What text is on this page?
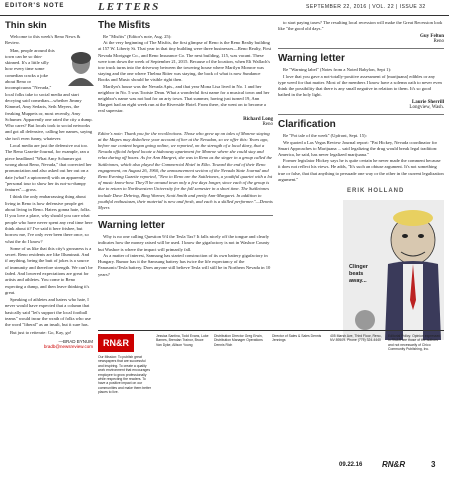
EDITOR'S NOTE	LETTERS	SEPTEMBER 22, 2016 | VOL. 22 | ISSUE 32
Thin skin

Welcome to this week's Reno News & Review.

Man, people around this town can be so thin-skinned. It's a little silly how every time some comedian cracks a joke about Reno or inconspicuous "Nevada," local folks take to social media and start decrying said comedian—whether Jimmy Kimmel, Amy Sedaris, Seth Meyers, the freaking Muppets or, most recently, Amy Schumer. Apparently one rated the city a dump. Who cares? But locals took to social networks and got all defensive, calling her names, saying she isn't even funny, whatever.

Local media are just the defensive out too. The Reno Gazette-Journal, for example, ran a piece headlined "What Amy Schumer got wrong about Reno, Nevada," that corrected her pronunciation and also asked out her out on a date (what? a uptowned) with an apparently "personal tour to show her its not-so-dumpy features"—gross.

I think the only embarrassing thing about living in Reno is how defensive people get about living in Reno. Haters gonna hate, folks. If you love a place, why should you care what people who have never spent any real time here think about it? I've said it here frisbee, but borrow me, I've only ever been there once, so what the do I know?

Some of us like that this city's grossness is a secret. Reno residents are like Illuminati. And if anything, being the butt of jokes is a source of immunity and therefore strength. We can't be faded. And lowered expectations are great for artists and athletes. You come to Reno expecting a dump, and then leave thinking it's great.

Speaking of athletes and haters who hate, I never would have expected that a column that basically said "let's support the local football teams" would incur the wrath of folks who use the word "liberal" as an insult, but it sure has.

But just to reiterate: Go, Kay, go!

—BRAD BYNUM
bradb@newsreview.com
The Misfits

Re "Misfits" (Editor's note, Aug. 25):

At the very beginning of The Misfits, the first glimpse of Reno is the Reno Realty building at 157 W. Liberty St. That year in that tiny building were three businesses—Reno Realty, First Nevada Mortgage Co., and Reno Insurance Co. The next building, 115, was vacant. These were torn down the week of September 21, 2015. Because of the location, when Eli Wallach's tow truck turns into the driveway between the towering house where Marilyn Monroe was staying and the one where Thelma Ritter was staying, the back of what is now Sundance Books and Music should be visible right then.

Marilyn's house was the Nevada Apts., and that year Mona Lisa lived in No. 1 and her neighbor in No. 5 was Tootsie Dean. What a wonderful first name for a musical town and her neighbor's name was not bad for an arty town. That summer, having just turned 19, Ann Margret had an eight week run at the Riverside Hotel. From there, she went on to become a real superstar.

Richard Long
Reno
Editor's note: Thank you for the recollections. Those who grew up on tales of Monroe staying at the Mapes may disbelieve your account of her at the Nevadan, so we offer this: Years ago, before our content began going online, we reported, on the strength of a local diary, that a Nevada official helped locate a hideaway apartment for Monroe where she could stay and relax during off hours. As for Ann Margret, she was in Reno as the singer in a group called the Suttletones, which also played the Commercial Hotel in Elko. Toward the end of their Reno engagement, on August 26, 1960, the announcement section of the Nevada State Journal and Reno Evening Gazette reported, "New to Reno are the Suttletones, a youthful quartet with a lot of music know-how. They'll be around town only a few days longer, since each of the group is due to return to Northwestern University for the fall semester in a short time. The Suttletones include Dave Dehring, Bing Warner, Scott Smith and pretty Ann-Margaret. In addition to youthful enthusiasm, their material is new and fresh, and each is a skilled performer."—Dennis Myers
Warning letter

Why is no one calling Question 9/4 the Tesla Tax? It falls nicely off the tongue and clearly indicates how the money raised will be used. I know the gigafactory is not in Washoe County but Washoe is where the impact will primarily fall.

As a matter of interest, Samsung has started construction of its own battery gigafactory in Hungary. Rumor has it the Samsung battery has twice the life expectancy of the Panasonic/Tesla battery. Does anyone still believe Tesla will still be in Northern Nevada in 10 years?

to start paying taxes? The resulting local recession will make the Great Recession look like "the good old days."

Guy Felton
Reno
Warning letter

Re "Warning label" (Notes from a Noted Babylon, Sept 1):

I love that you gave a not-totally-positive assessment of [marijuana] edibles or any type weed for that matter. Most of the members I know have a solemn oath to never even think the possibility that there is any small negative in relation to them. It's so good bathed in the holy light.

Laurie Sherrill
Longview, Wash.
Clarification

Re "Pot tale of the week" (Upfront, Sept. 15):

We quoted a Las Vegas Review Journal report: "Pat Hickey, Nevada coordinator for Smart Approaches to Marijuana ... said legalizing the drug would break legal tradition: America, he said, has never legalized marijuana."

Former legislator Hickey says he is quite certain he never made the comment because it does not reflect his views. He adds, "It's such an obtuse argument. It's not something true or false, that that anything to persuade one way or the other in the current legalization argument."

ERIK HOLLAND
Clinger beats away...
RN&R
Our Mission: To publish great newspapers that are successful and inspiring. To create a quality work environment that encourages employee to grow professionally while respecting the readers. To have a positive impact on our communities and make them better places to live.
Jessica Santina, Todd Evans, Luke Barnes, Brendan Trainor, Bruce Van Dyke, Allison Young
Distribution Director Greg Erwin, Distribution Manager Operations Dennis Rich
Director of Sales & Sales Dennis Jennings
405 Marsh Ave, Third Floor, Reno, NV 89509. Phone (775) 324-4440
Editorial Policy: Opinion expressed in RN&R are those of the authors and not necessarily of Chico Community Publishing, Inc.
09.22.16 RN&R	3
